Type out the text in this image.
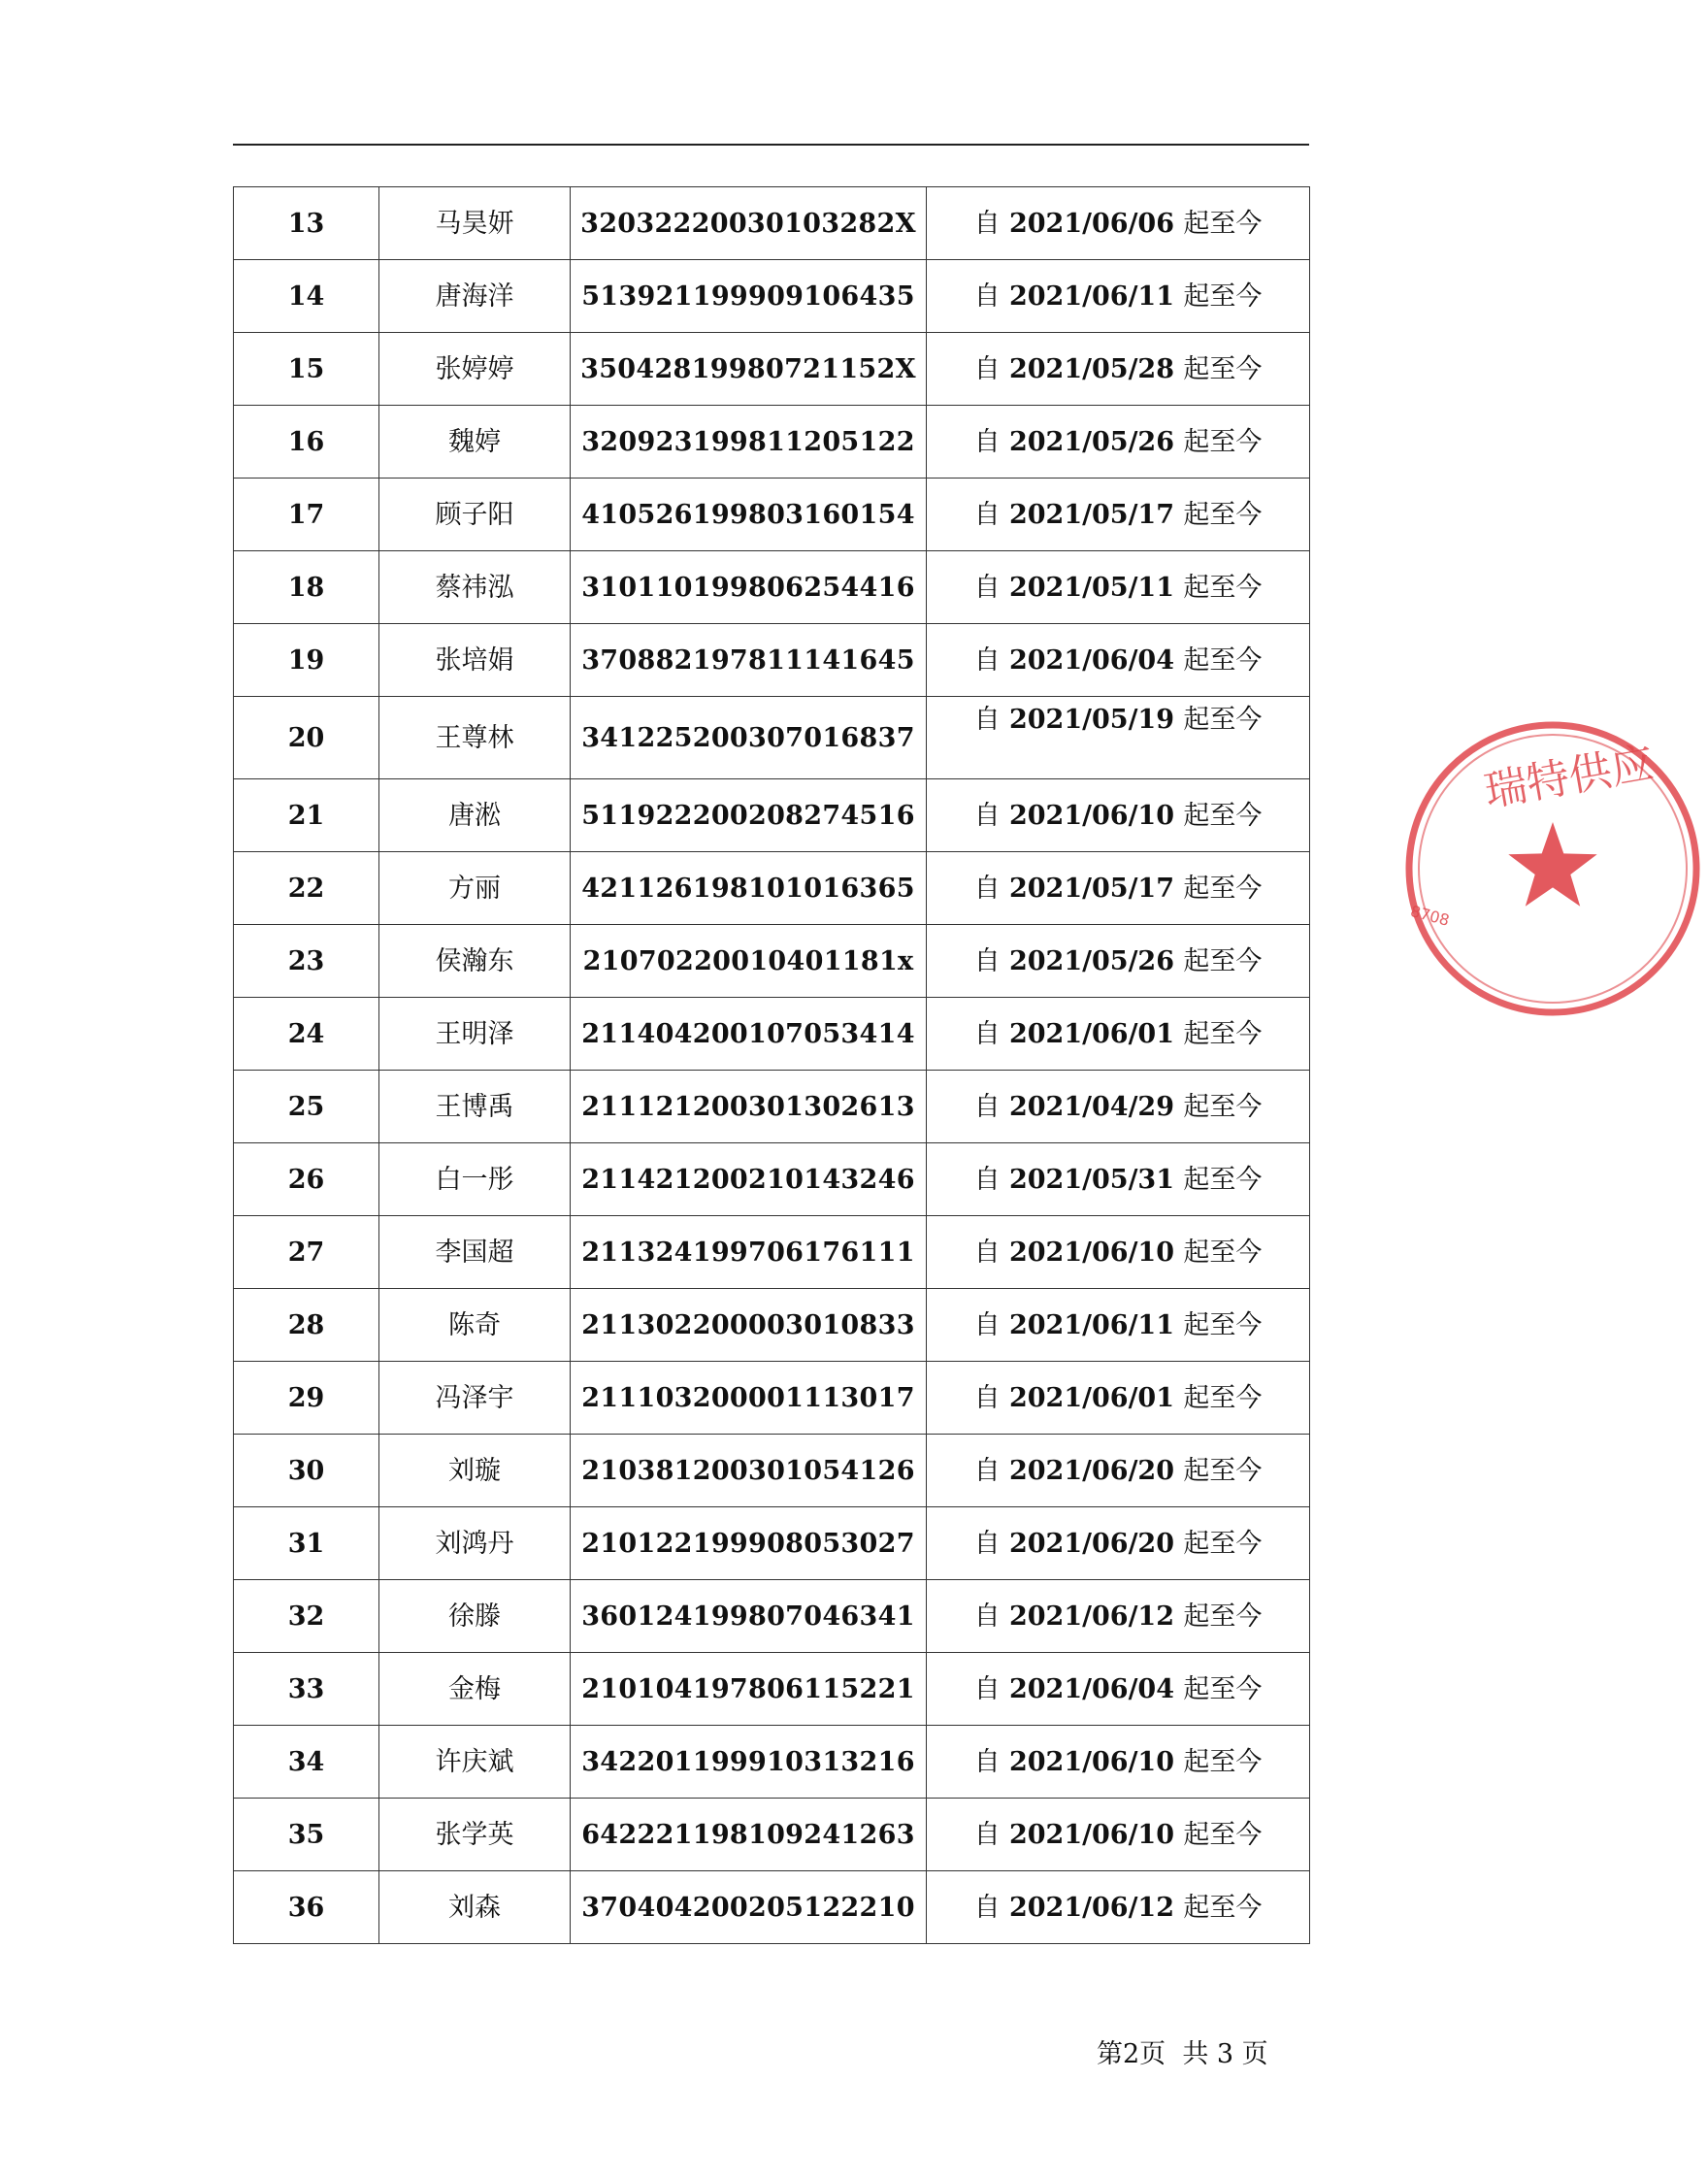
13	马昊妍	32032220030103282X	自 2021/06/06 起至今
14	唐海洋	513921199909106435	自 2021/06/11 起至今
15	张婷婷	35042819980721152X	自 2021/05/28 起至今
16	魏婷	320923199811205122	自 2021/05/26 起至今
17	顾子阳	410526199803160154	自 2021/05/17 起至今
18	蔡祎泓	310110199806254416	自 2021/05/11 起至今
19	张培娟	370882197811141645	自 2021/06/04 起至今
20	王尊林	341225200307016837	自 2021/05/19 起至今
21	唐淞	511922200208274516	自 2021/06/10 起至今
22	方丽	421126198101016365	自 2021/05/17 起至今
23	侯瀚东	21070220010401181x	自 2021/05/26 起至今
24	王明泽	211404200107053414	自 2021/06/01 起至今
25	王博禹	211121200301302613	自 2021/04/29 起至今
26	白一彤	211421200210143246	自 2021/05/31 起至今
27	李国超	211324199706176111	自 2021/06/10 起至今
28	陈奇	211302200003010833	自 2021/06/11 起至今
29	冯泽宇	211103200001113017	自 2021/06/01 起至今
30	刘璇	210381200301054126	自 2021/06/20 起至今
31	刘鸿丹	210122199908053027	自 2021/06/20 起至今
32	徐滕	360124199807046341	自 2021/06/12 起至今
33	金梅	210104197806115221	自 2021/06/04 起至今
34	许庆斌	342201199910313216	自 2021/06/10 起至今
35	张学英	642221198109241263	自 2021/06/10 起至今
36	刘森	370404200205122210	自 2021/06/12 起至今
第2页  共 3 页
瑞特供应
8708
